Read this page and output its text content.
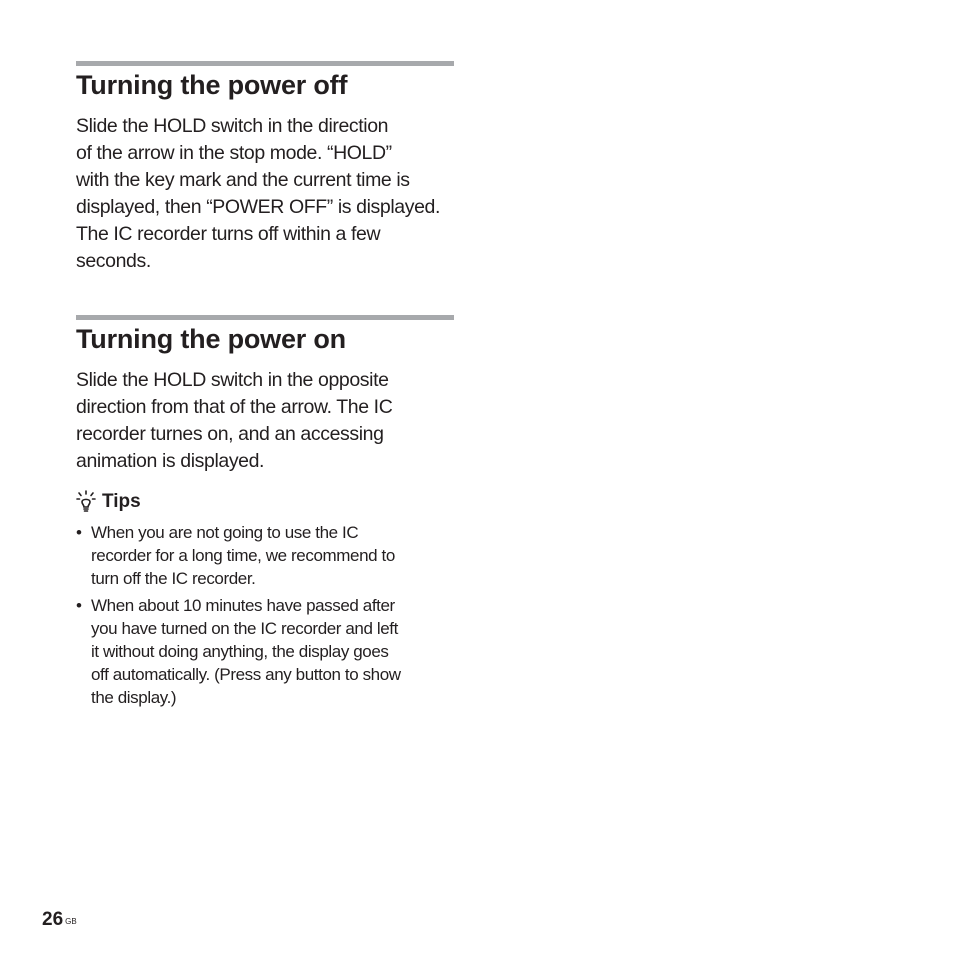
Turning the power off

Slide the HOLD switch in the direction
of the arrow in the stop mode. “HOLD”
with the key mark and the current time is
displayed, then “POWER OFF” is displayed.
The IC recorder turns off within a few
seconds.

Turning the power on

Slide the HOLD switch in the opposite
direction from that of the arrow. The IC
recorder turnes on, and an accessing
animation is displayed.

Tips
• When you are not going to use the IC
recorder for a long time, we recommend to
turn off the IC recorder.
• When about 10 minutes have passed after
you have turned on the IC recorder and left
it without doing anything, the display goes
off automatically. (Press any button to show
the display.)
26 $^{GB}$
